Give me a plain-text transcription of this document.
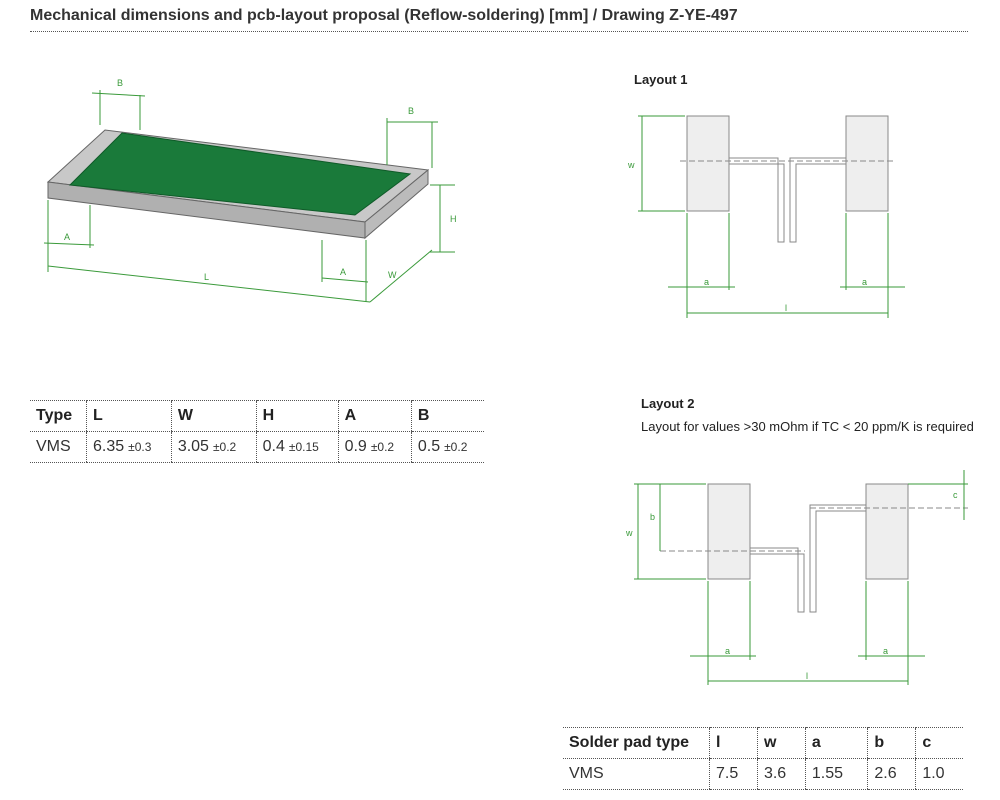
Mechanical dimensions and pcb-layout proposal (Reflow-soldering) [mm] / Drawing Z-YE-497
B
B
A
L	A	W
H
w
a	a
l
w
b
c
a	a
l
Layout 1
Layout 2
Layout for values >30 mOhm if TC < 20 ppm/K is required
Type	L	W	H	A	B
VMS	6.35 ±0.3	3.05 ±0.2	0.4 ±0.15	0.9 ±0.2	0.5 ±0.2
Solder pad type	l	w	a	b	c
VMS	7.5	3.6	1.55	2.6	1.0
